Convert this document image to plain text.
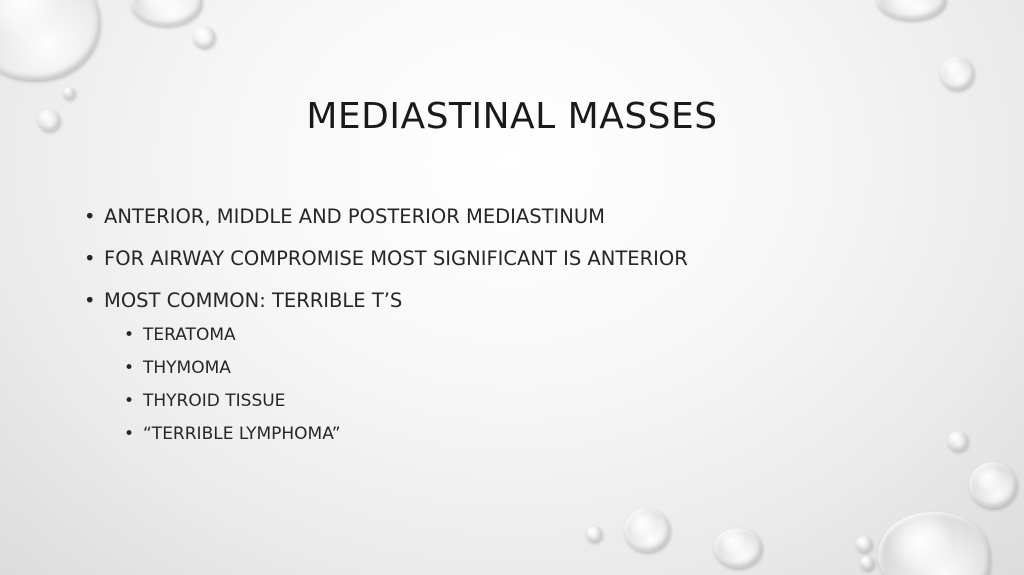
MEDIASTINAL MASSES
• ANTERIOR, MIDDLE AND POSTERIOR MEDIASTINUM
• FOR AIRWAY COMPROMISE MOST SIGNIFICANT IS ANTERIOR
• MOST COMMON: TERRIBLE T’S
• TERATOMA
• THYMOMA
• THYROID TISSUE
• “TERRIBLE LYMPHOMA”
